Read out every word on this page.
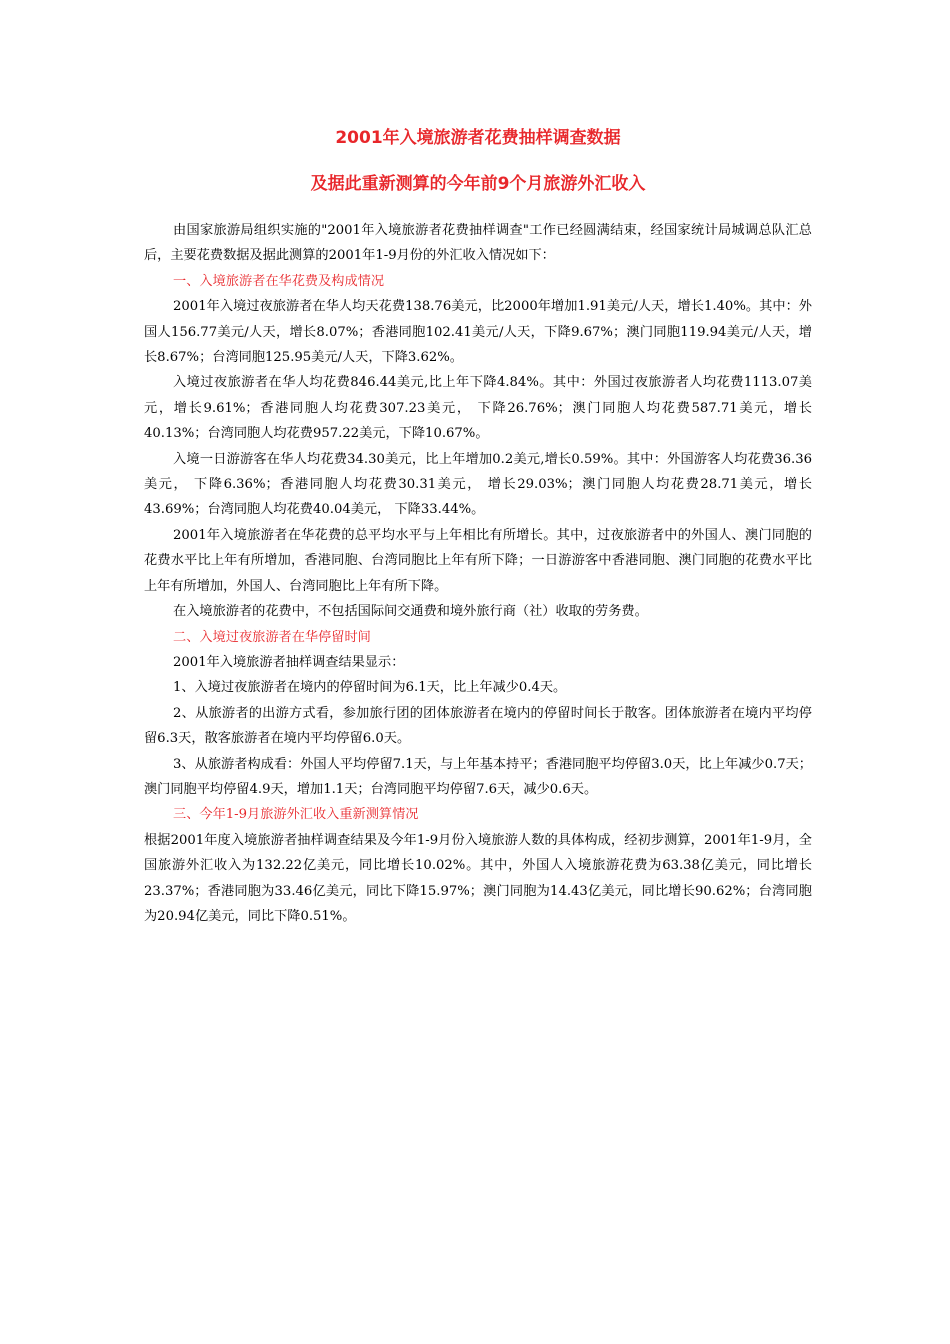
2001年入境旅游者花费抽样调查数据

及据此重新测算的今年前9个月旅游外汇收入

由国家旅游局组织实施的"2001年入境旅游者花费抽样调查"工作已经圆满结束，经国家统计局城调总队汇总后，主要花费数据及据此测算的2001年1-9月份的外汇收入情况如下：

一、入境旅游者在华花费及构成情况

2001年入境过夜旅游者在华人均天花费138.76美元，比2000年增加1.91美元/人天，增长1.40%。其中：外国人156.77美元/人天，增长8.07%；香港同胞102.41美元/人天，下降9.67%；澳门同胞119.94美元/人天，增长8.67%；台湾同胞125.95美元/人天，下降3.62%。

入境过夜旅游者在华人均花费846.44美元,比上年下降4.84%。其中：外国过夜旅游者人均花费1113.07美元，增长9.61%；香港同胞人均花费307.23美元， 下降26.76%；澳门同胞人均花费587.71美元，增长40.13%；台湾同胞人均花费957.22美元，下降10.67%。

入境一日游游客在华人均花费34.30美元，比上年增加0.2美元,增长0.59%。其中：外国游客人均花费36.36美元， 下降6.36%；香港同胞人均花费30.31美元， 增长29.03%；澳门同胞人均花费28.71美元，增长43.69%；台湾同胞人均花费40.04美元， 下降33.44%。

2001年入境旅游者在华花费的总平均水平与上年相比有所增长。其中，过夜旅游者中的外国人、澳门同胞的花费水平比上年有所增加，香港同胞、台湾同胞比上年有所下降；一日游游客中香港同胞、澳门同胞的花费水平比上年有所增加，外国人、台湾同胞比上年有所下降。

在入境旅游者的花费中，不包括国际间交通费和境外旅行商（社）收取的劳务费。

二、入境过夜旅游者在华停留时间

2001年入境旅游者抽样调查结果显示：

1、入境过夜旅游者在境内的停留时间为6.1天，比上年减少0.4天。

2、从旅游者的出游方式看，参加旅行团的团体旅游者在境内的停留时间长于散客。团体旅游者在境内平均停留6.3天，散客旅游者在境内平均停留6.0天。

3、从旅游者构成看：外国人平均停留7.1天，与上年基本持平；香港同胞平均停留3.0天，比上年减少0.7天；澳门同胞平均停留4.9天，增加1.1天；台湾同胞平均停留7.6天，减少0.6天。

三、今年1-9月旅游外汇收入重新测算情况

根据2001年度入境旅游者抽样调查结果及今年1-9月份入境旅游人数的具体构成，经初步测算，2001年1-9月，全国旅游外汇收入为132.22亿美元，同比增长10.02%。其中，外国人入境旅游花费为63.38亿美元，同比增长23.37%；香港同胞为33.46亿美元，同比下降15.97%；澳门同胞为14.43亿美元，同比增长90.62%；台湾同胞为20.94亿美元，同比下降0.51%。
